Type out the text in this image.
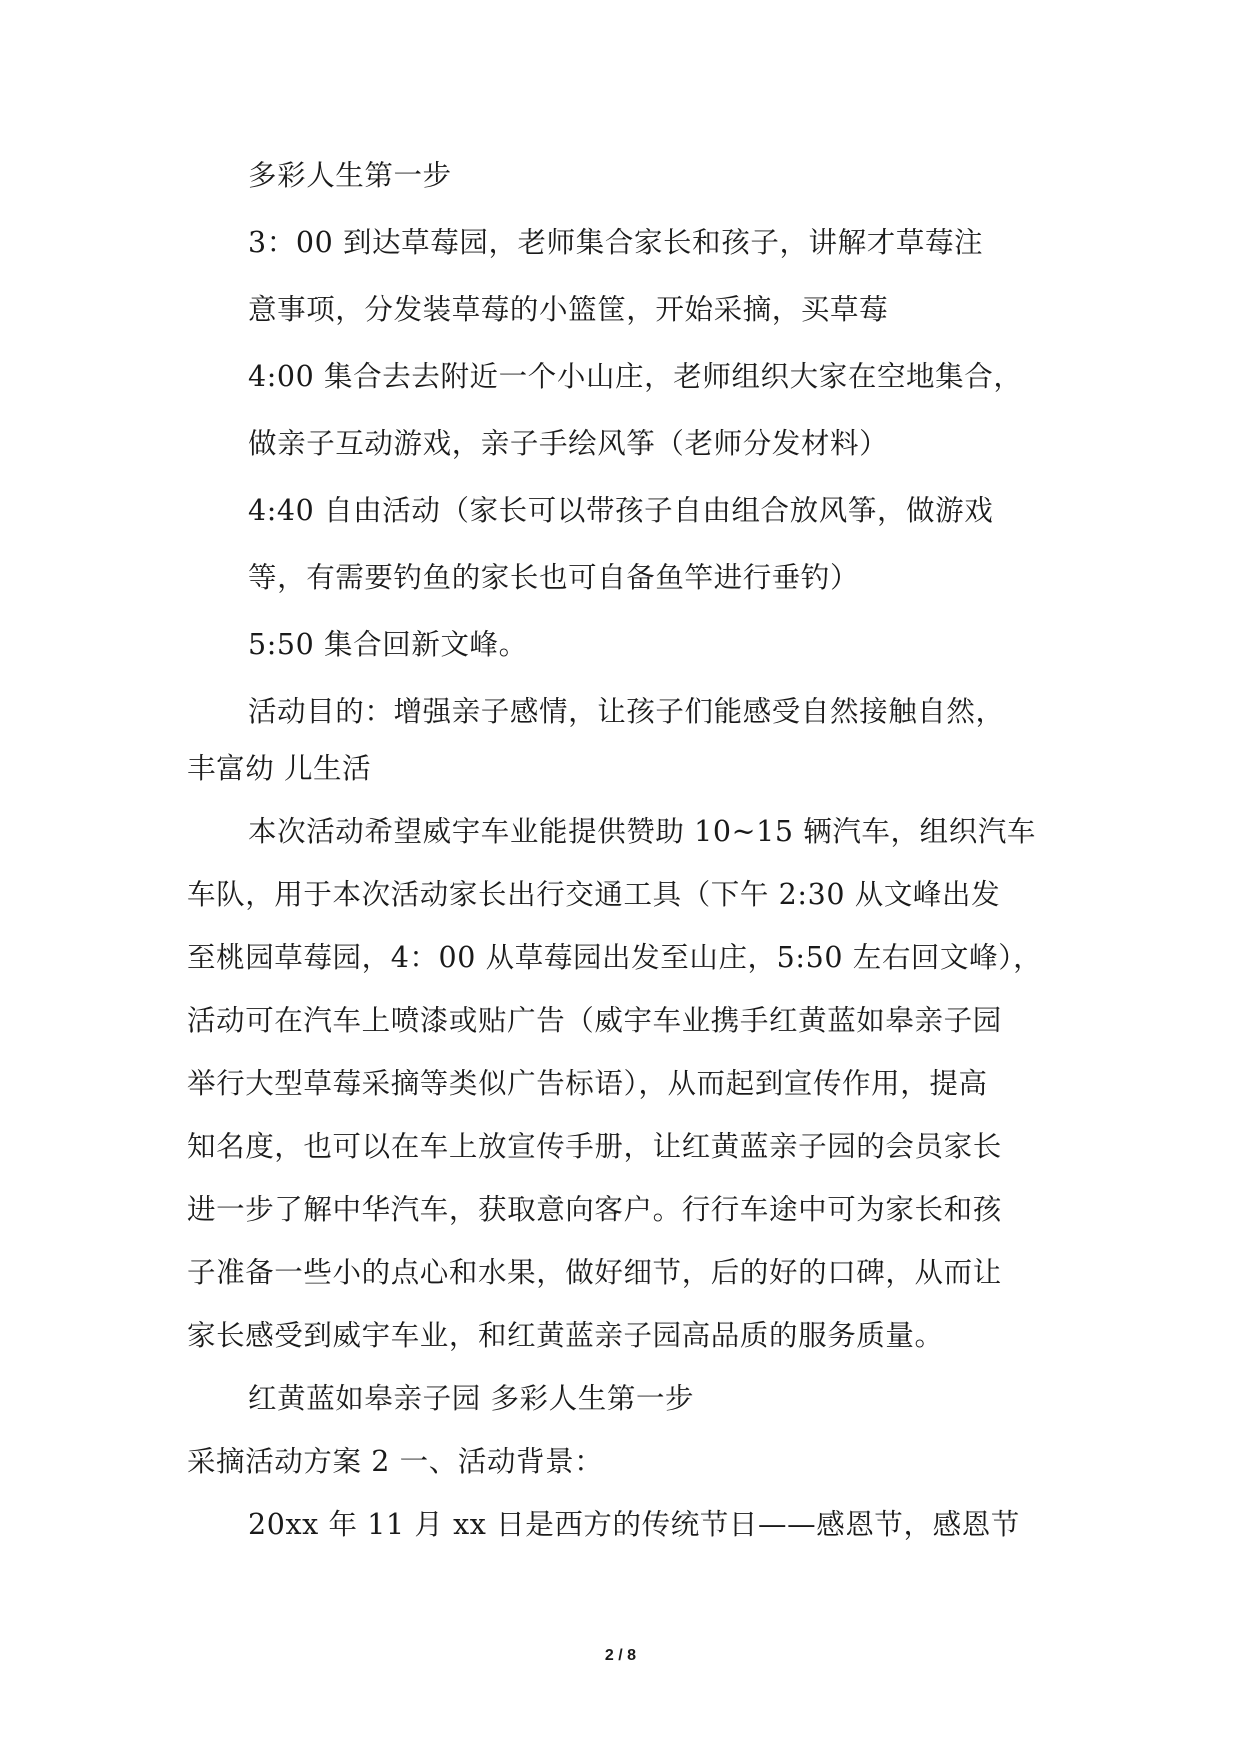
多彩人生第一步
3：00 到达草莓园，老师集合家长和孩子，讲解才草莓注
意事项，分发装草莓的小篮筐，开始采摘，买草莓
4:00 集合去去附近一个小山庄，老师组织大家在空地集合，
做亲子互动游戏，亲子手绘风筝（老师分发材料）
4:40 自由活动（家长可以带孩子自由组合放风筝，做游戏
等，有需要钓鱼的家长也可自备鱼竿进行垂钓）
5:50 集合回新文峰。
活动目的：增强亲子感情，让孩子们能感受自然接触自然，
丰富幼 儿生活
本次活动希望威宇车业能提供赞助 10~15 辆汽车，组织汽车
车队，用于本次活动家长出行交通工具（下午 2:30 从文峰出发
至桃园草莓园，4：00 从草莓园出发至山庄，5:50 左右回文峰），
活动可在汽车上喷漆或贴广告（威宇车业携手红黄蓝如皋亲子园
举行大型草莓采摘等类似广告标语），从而起到宣传作用，提高
知名度，也可以在车上放宣传手册，让红黄蓝亲子园的会员家长
进一步了解中华汽车，获取意向客户。行行车途中可为家长和孩
子准备一些小的点心和水果，做好细节，后的好的口碑，从而让
家长感受到威宇车业，和红黄蓝亲子园高品质的服务质量。
红黄蓝如皋亲子园 多彩人生第一步
采摘活动方案 2 一、活动背景：
20xx 年 11 月 xx 日是西方的传统节日——感恩节，感恩节
2 / 8
